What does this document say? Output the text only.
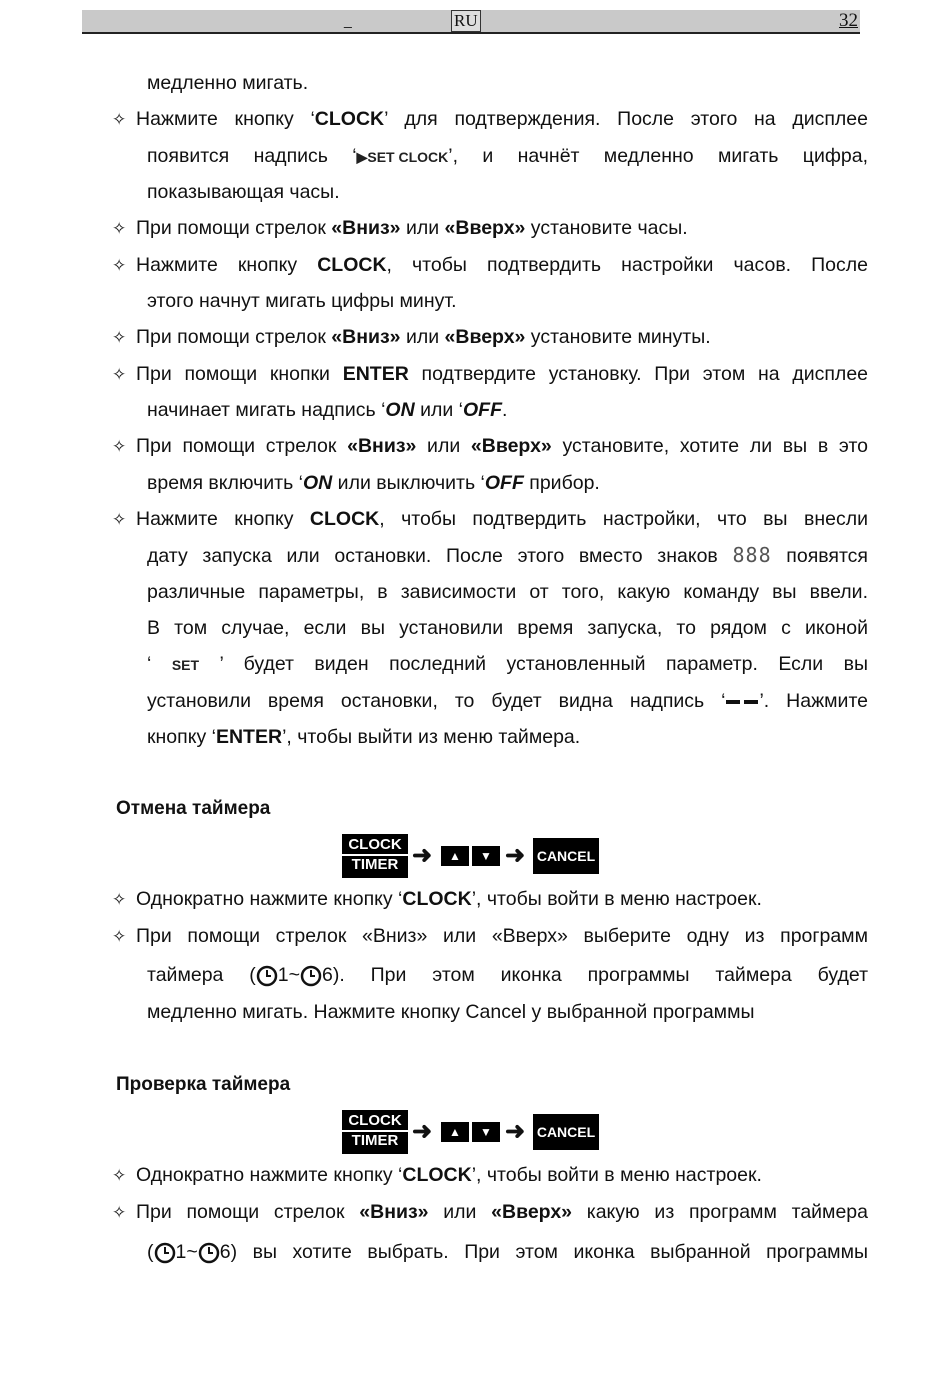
_	RU	32
медленно мигать.
✧ Нажмите кнопку ‘CLOCK’ для подтверждения. После этого на дисплее
появится надпись ‘▶SET CLOCK’, и начнёт медленно мигать цифра,
показывающая часы.
✧ При помощи стрелок «Вниз» или «Вверх» установите часы.
✧ Нажмите кнопку CLOCK, чтобы подтвердить настройки часов. После
этого начнут мигать цифры минут.
✧ При помощи стрелок «Вниз» или «Вверх» установите минуты.
✧ При помощи кнопки ENTER подтвердите установку. При этом на дисплее
начинает мигать надпись ‘ON или ‘OFF.
✧ При помощи стрелок «Вниз» или «Вверх» установите, хотите ли вы в это
время включить ‘ON или выключить ‘OFF прибор.
✧ Нажмите кнопку CLOCK, чтобы подтвердить настройки, что вы внесли
дату запуска или остановки. После этого вместо знаков 888 появятся
различные параметры, в зависимости от того, какую команду вы ввели.
В том случае, если вы установили время запуска, то рядом с иконой
‘ SET ’ будет виден последний установленный параметр. Если вы
установили время остановки, то будет видна надпись ‘ ’. Нажмите
кнопку ‘ENTER’, чтобы выйти из меню таймера.
Отмена таймера
CLOCK
TIMER ➜	▲	▼ ➜ CANCEL
✧ Однократно нажмите кнопку ‘CLOCK’, чтобы войти в меню настроек.
✧ При помощи стрелок «Вниз» или «Вверх» выберите одну из программ
таймера ( 1~ 6). При этом иконка программы таймера будет
медленно мигать. Нажмите кнопку Cancel у выбранной программы
Проверка таймера
CLOCK
TIMER ➜	▲	▼ ➜ CANCEL
✧ Однократно нажмите кнопку ‘CLOCK’, чтобы войти в меню настроек.
✧ При помощи стрелок «Вниз» или «Вверх» какую из программ таймера
( 1~ 6) вы хотите выбрать. При этом иконка выбранной программы
